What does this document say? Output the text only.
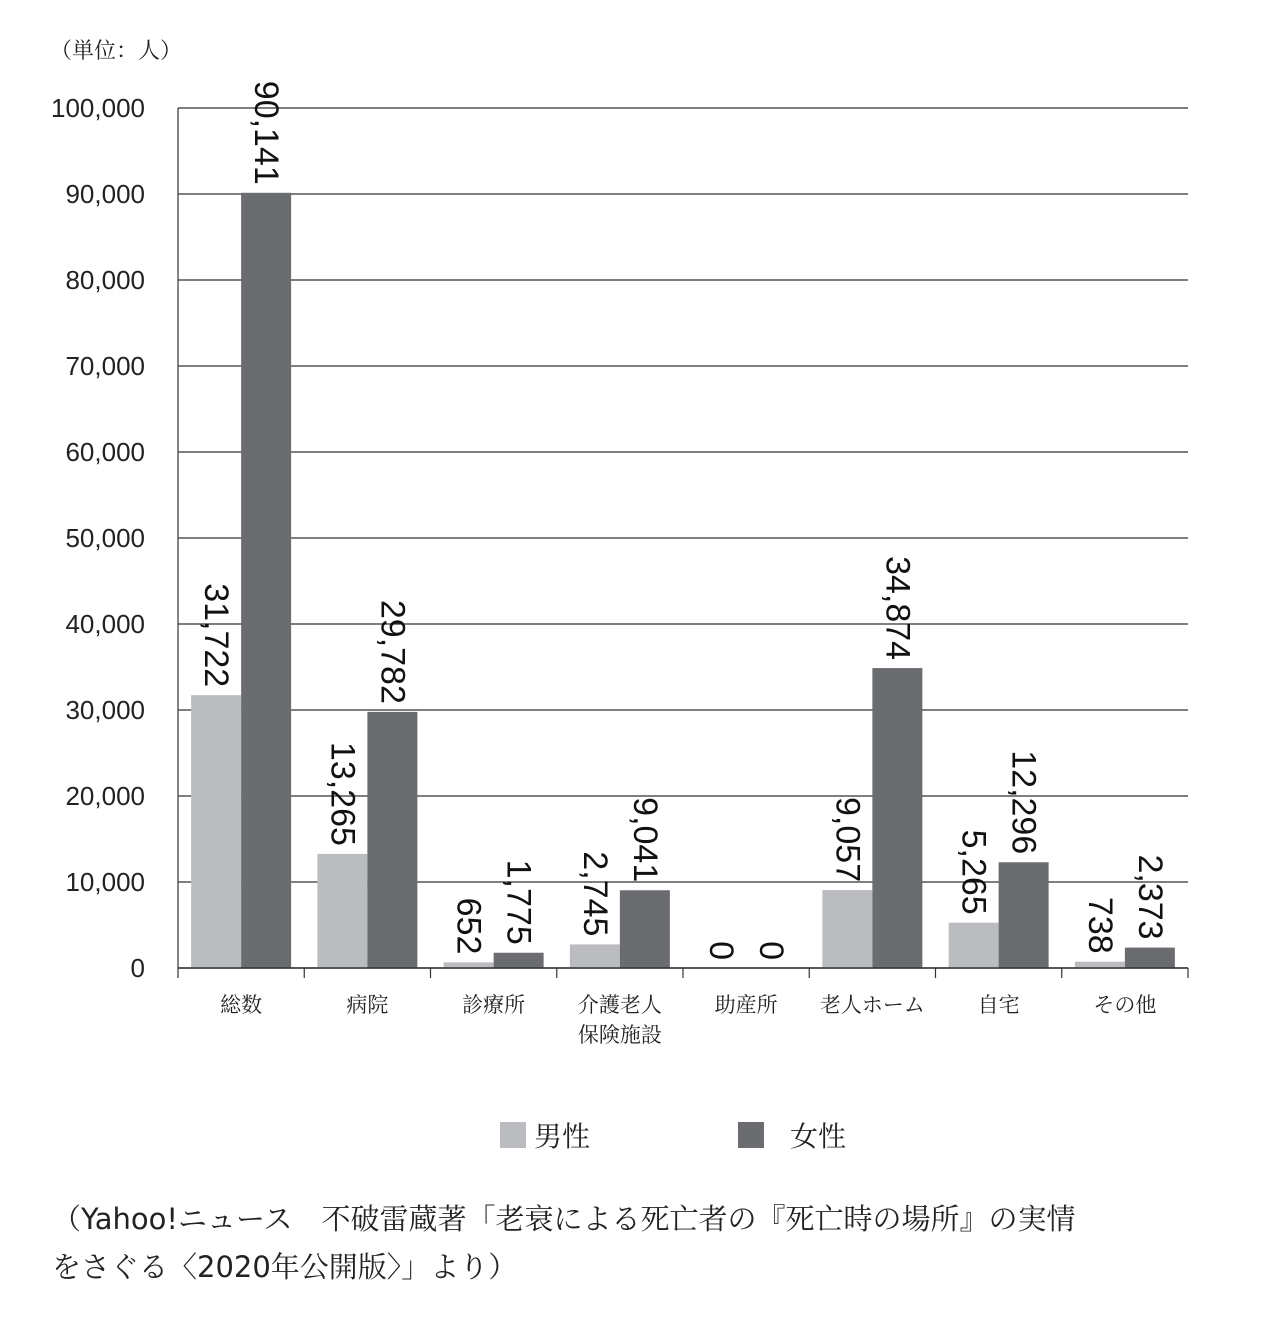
（単位：人）
0
10,000
20,000
30,000
40,000
50,000
60,000
70,000
80,000
90,000
100,000
31,722
90,141
13,265
29,782
652 1,775 2,745
9,041
0 0
9,057
34,874
5,265
12,296
738 2,373
総数	病院	診療所	介護老人
保険施設
助産所 老人ホーム	自宅	その他
男性	女性
（Yahoo!ニュース　不破雷蔵著「老衰による死亡者の『死亡時の場所』の実情
をさぐる〈2020年公開版〉」より）
